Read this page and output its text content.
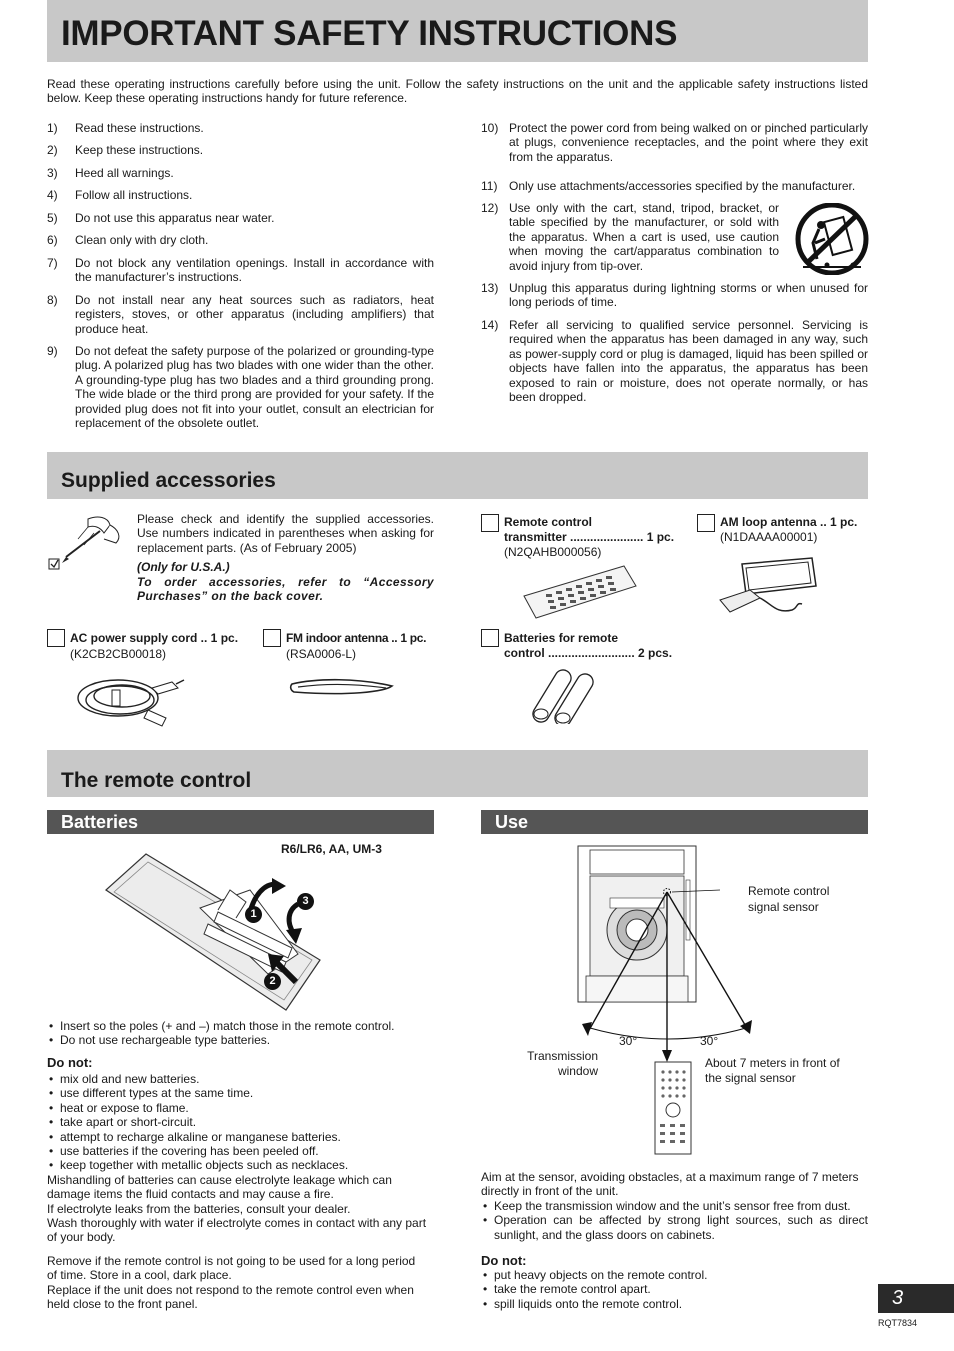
IMPORTANT SAFETY INSTRUCTIONS
Read these operating instructions carefully before using the unit. Follow the safety instructions on the unit and the applicable safety instructions listed below. Keep these operating instructions handy for future reference.
1) Read these instructions.
2) Keep these instructions.
3) Heed all warnings.
4) Follow all instructions.
5) Do not use this apparatus near water.
6) Clean only with dry cloth.
7) Do not block any ventilation openings. Install in accordance with the manufacturer’s instructions.
8) Do not install near any heat sources such as radiators, heat registers, stoves, or other apparatus (including amplifiers) that produce heat.
9) Do not defeat the safety purpose of the polarized or grounding-type plug. A polarized plug has two blades with one wider than the other. A grounding-type plug has two blades and a third grounding prong. The wide blade or the third prong are provided for your safety. If the provided plug does not fit into your outlet, consult an electrician for replacement of the obsolete outlet.
10) Protect the power cord from being walked on or pinched particularly at plugs, convenience receptacles, and the point where they exit from the apparatus.
11) Only use attachments/accessories specified by the manufacturer.
12) Use only with the cart, stand, tripod, bracket, or table specified by the manufacturer, or sold with the apparatus. When a cart is used, use caution when moving the cart/apparatus combination to avoid injury from tip-over.
13) Unplug this apparatus during lightning storms or when unused for long periods of time.
14) Refer all servicing to qualified service personnel. Servicing is required when the apparatus has been damaged in any way, such as power-supply cord or plug is damaged, liquid has been spilled or objects have fallen into the apparatus, the apparatus has been exposed to rain or moisture, does not operate normally, or has been dropped.
Supplied accessories
Please check and identify the supplied accessories. Use numbers indicated in parentheses when asking for replacement parts. (As of February 2005)
(Only for U.S.A.)
To order accessories, refer to “Accessory Purchases” on the back cover.
Remote control
transmitter ...................... 1 pc.
(N2QAHB000056)
AM loop antenna .. 1 pc.
(N1DAAAA00001)
AC power supply cord .. 1 pc.
(K2CB2CB00018)
FM indoor antenna .. 1 pc.
(RSA0006-L)
Batteries for remote
control .......................... 2 pcs.
The remote control
Batteries	Use
R6/LR6, AA, UM-3
1
2
3
• Insert so the poles (+ and –) match those in the remote control.
• Do not use rechargeable type batteries.
Do not:
• mix old and new batteries.
• use different types at the same time.
• heat or expose to flame.
• take apart or short-circuit.
• attempt to recharge alkaline or manganese batteries.
• use batteries if the covering has been peeled off.
• keep together with metallic objects such as necklaces.
Mishandling of batteries can cause electrolyte leakage which can damage items the fluid contacts and may cause a fire.
If electrolyte leaks from the batteries, consult your dealer.
Wash thoroughly with water if electrolyte comes in contact with any part of your body.
Remove if the remote control is not going to be used for a long period of time. Store in a cool, dark place.
Replace if the unit does not respond to the remote control even when held close to the front panel.
Remote control
signal sensor
30°	30°
Transmission
window
About 7 meters in front of
the signal sensor
Aim at the sensor, avoiding obstacles, at a maximum range of 7 meters directly in front of the unit.
• Keep the transmission window and the unit’s sensor free from dust.
• Operation can be affected by strong light sources, such as direct sunlight, and the glass doors on cabinets.
Do not:
• put heavy objects on the remote control.
• take the remote control apart.
• spill liquids onto the remote control.	3
RQT7834
